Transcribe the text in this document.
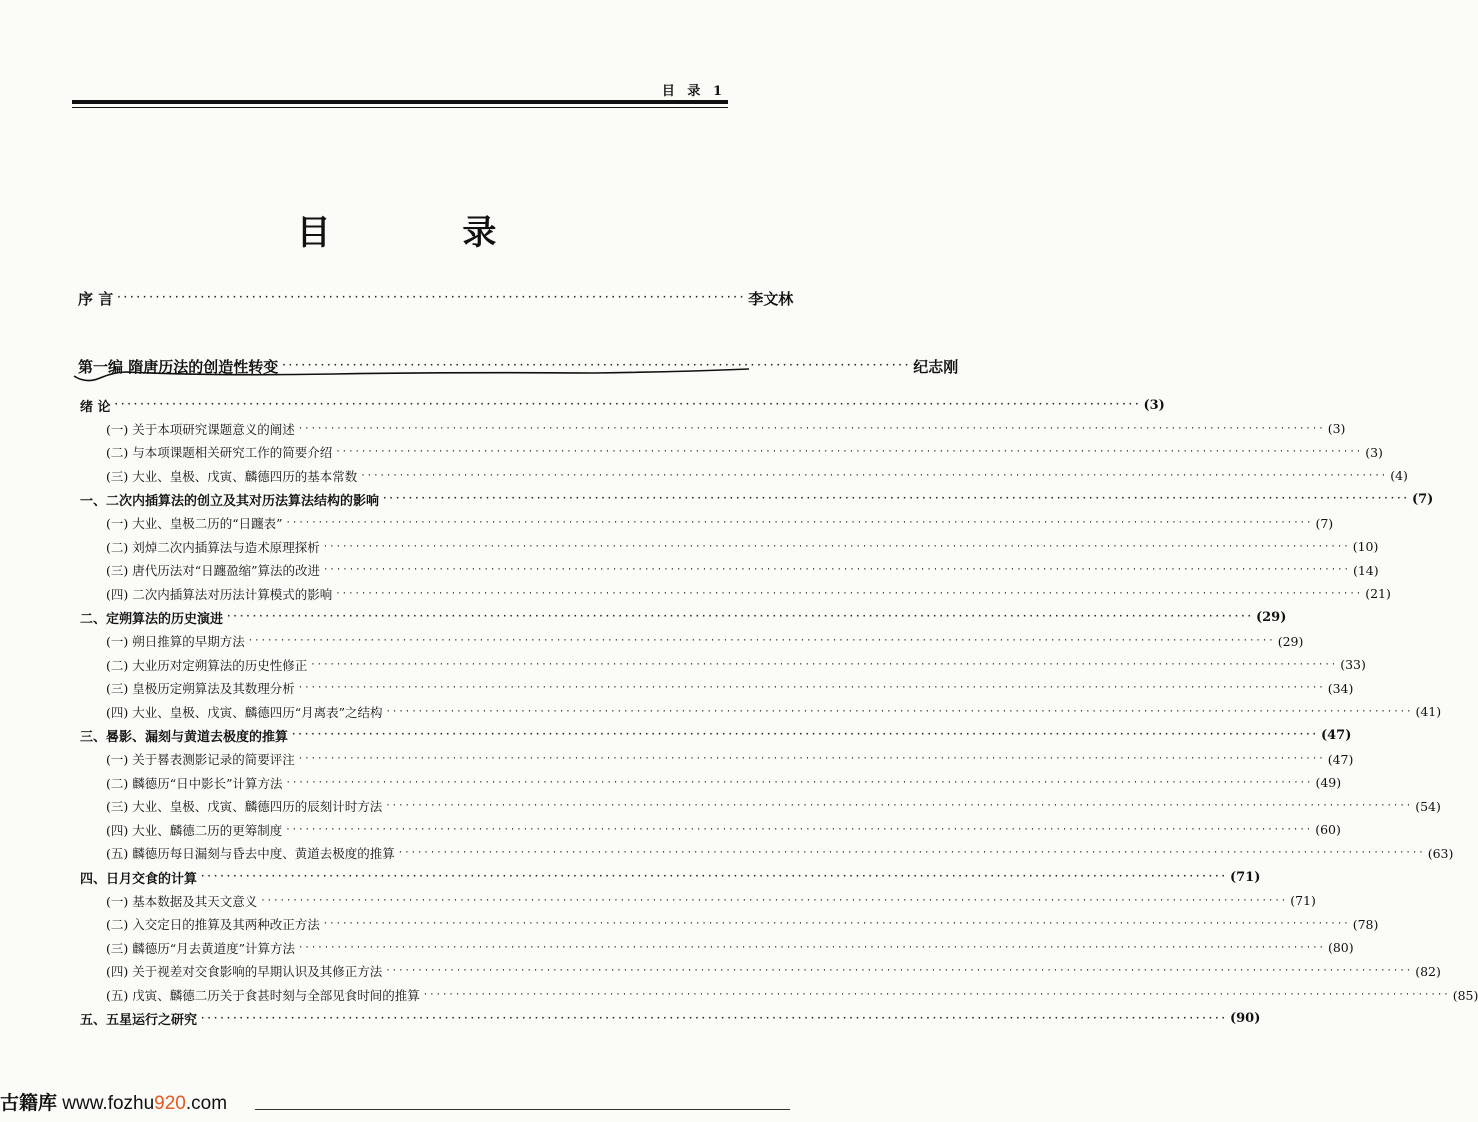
目 录 1
目 录
序 言 ·································································································· 李文林
第一编 隋唐历法的创造性转变 ·································································································· 纪志刚
绪 论 ································································································································································ (3)
(一) 关于本项研究课题意义的阐述 ································································································································································ (3)
(二) 与本项课题相关研究工作的简要介绍 ································································································································································ (3)
(三) 大业、皇极、戊寅、麟德四历的基本常数 ································································································································································ (4)
一、二次内插算法的创立及其对历法算法结构的影响 ································································································································································ (7)
(一) 大业、皇极二历的“日躔表” ································································································································································ (7)
(二) 刘焯二次内插算法与造术原理探析 ································································································································································ (10)
(三) 唐代历法对“日躔盈缩”算法的改进 ································································································································································ (14)
(四) 二次内插算法对历法计算模式的影响 ································································································································································ (21)
二、定朔算法的历史演进 ································································································································································ (29)
(一) 朔日推算的早期方法 ································································································································································ (29)
(二) 大业历对定朔算法的历史性修正 ································································································································································ (33)
(三) 皇极历定朔算法及其数理分析 ································································································································································ (34)
(四) 大业、皇极、戊寅、麟德四历“月离表”之结构 ································································································································································ (41)
三、晷影、漏刻与黄道去极度的推算 ································································································································································ (47)
(一) 关于晷表测影记录的简要评注 ································································································································································ (47)
(二) 麟德历“日中影长”计算方法 ································································································································································ (49)
(三) 大业、皇极、戊寅、麟德四历的辰刻计时方法 ································································································································································ (54)
(四) 大业、麟德二历的更筹制度 ································································································································································ (60)
(五) 麟德历每日漏刻与昏去中度、黄道去极度的推算 ································································································································································ (63)
四、日月交食的计算 ································································································································································ (71)
(一) 基本数据及其天文意义 ································································································································································ (71)
(二) 入交定日的推算及其两种改正方法 ································································································································································ (78)
(三) 麟德历“月去黄道度”计算方法 ································································································································································ (80)
(四) 关于视差对交食影响的早期认识及其修正方法 ································································································································································ (82)
(五) 戊寅、麟德二历关于食甚时刻与全部见食时间的推算 ································································································································································ (85)
五、五星运行之研究 ································································································································································ (90)
古籍库 www.fozhu920.com
